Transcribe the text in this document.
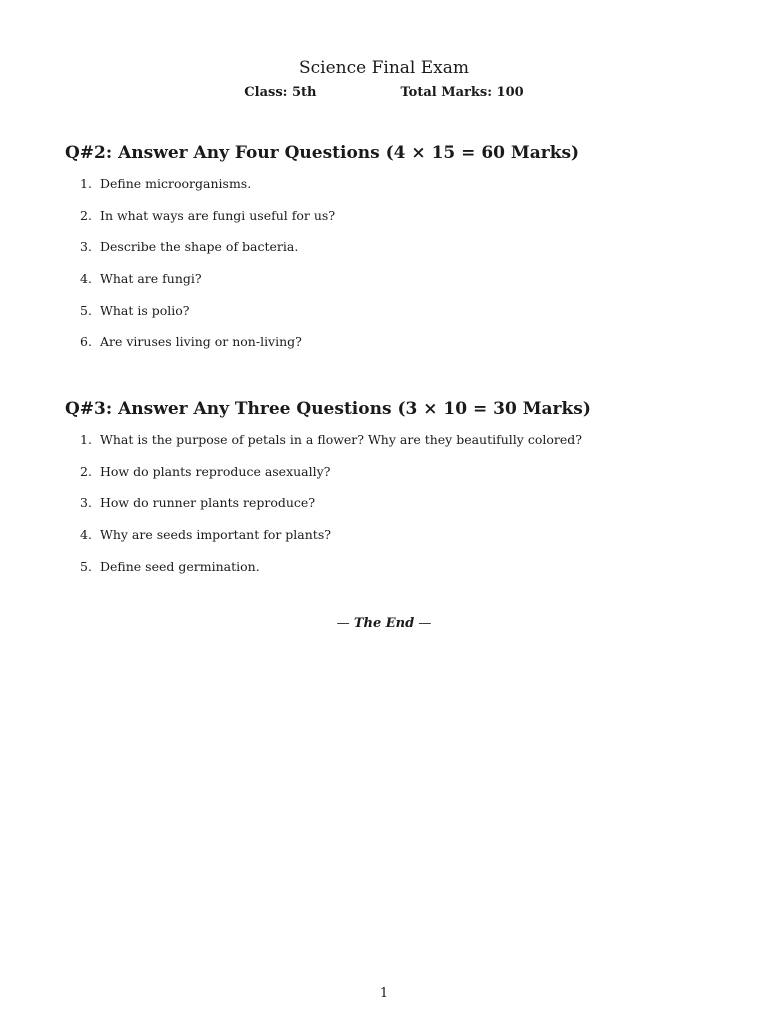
Science Final Exam
Class: 5th	Total Marks: 100
Q#2: Answer Any Four Questions (4 × 15 = 60 Marks)
1. Define microorganisms.
2. In what ways are fungi useful for us?
3. Describe the shape of bacteria.
4. What are fungi?
5. What is polio?
6. Are viruses living or non-living?
Q#3: Answer Any Three Questions (3 × 10 = 30 Marks)
1. What is the purpose of petals in a flower? Why are they beautifully colored?
2. How do plants reproduce asexually?
3. How do runner plants reproduce?
4. Why are seeds important for plants?
5. Define seed germination.
— The End —
1
